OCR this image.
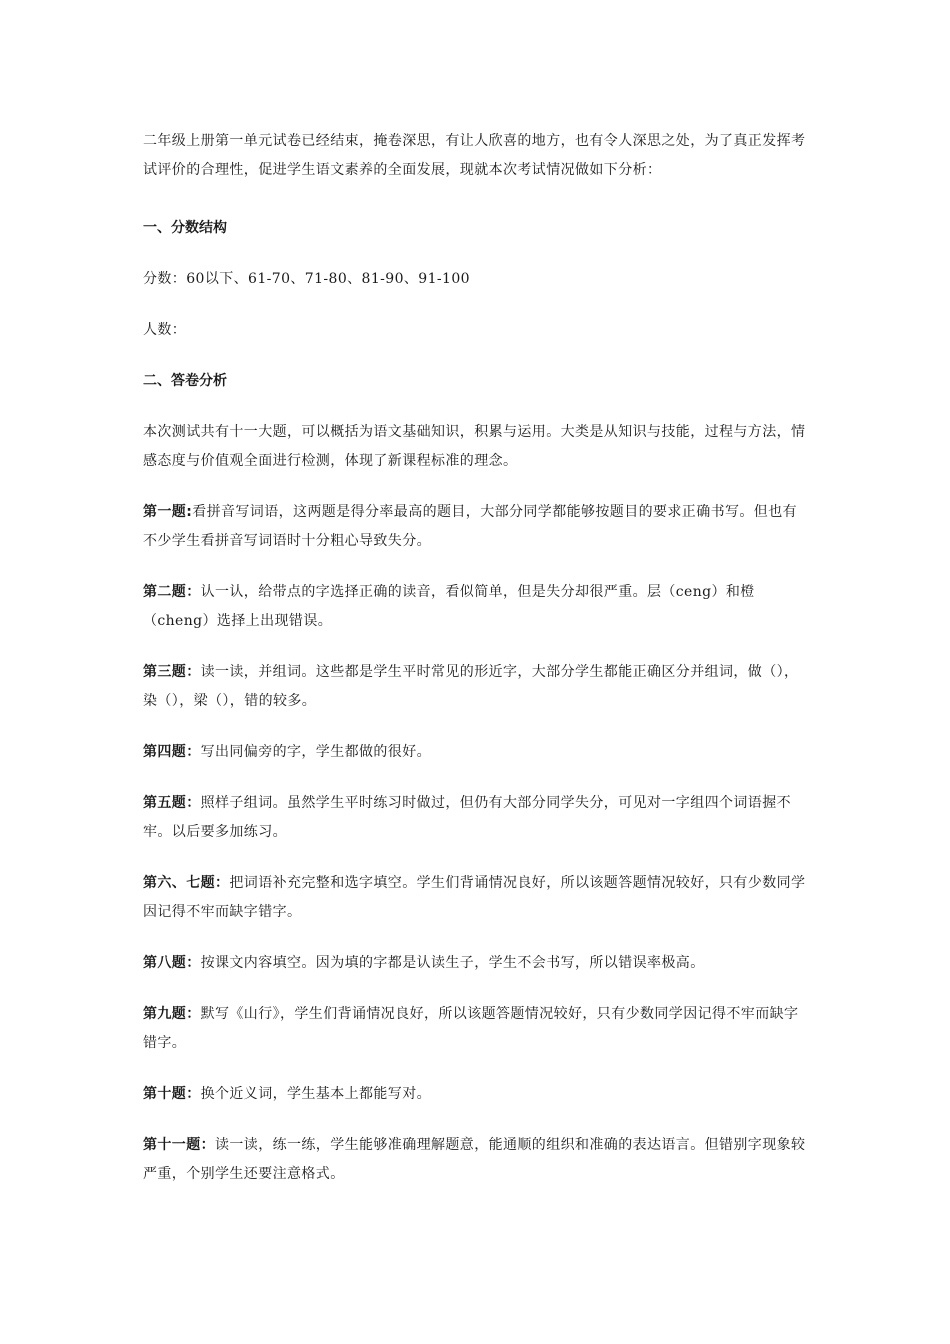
二年级上册第一单元试卷已经结束，掩卷深思，有让人欣喜的地方，也有令人深思之处，为了真正发挥考试评价的合理性，促进学生语文素养的全面发展，现就本次考试情况做如下分析：

一、分数结构

分数：60以下、61-70、71-80、81-90、91-100

人数：

二、答卷分析

本次测试共有十一大题，可以概括为语文基础知识，积累与运用。大类是从知识与技能，过程与方法，情感态度与价值观全面进行检测，体现了新课程标准的理念。

第一题:看拼音写词语，这两题是得分率最高的题目，大部分同学都能够按题目的要求正确书写。但也有不少学生看拼音写词语时十分粗心导致失分。

第二题：认一认，给带点的字选择正确的读音，看似简单，但是失分却很严重。层（ceng）和橙（cheng）选择上出现错误。

第三题：读一读，并组词。这些都是学生平时常见的形近字，大部分学生都能正确区分并组词，做（），染（），梁（），错的较多。

第四题：写出同偏旁的字，学生都做的很好。

第五题：照样子组词。虽然学生平时练习时做过，但仍有大部分同学失分，可见对一字组四个词语握不牢。以后要多加练习。

第六、七题：把词语补充完整和选字填空。学生们背诵情况良好，所以该题答题情况较好，只有少数同学因记得不牢而缺字错字。

第八题：按课文内容填空。因为填的字都是认读生子，学生不会书写，所以错误率极高。

第九题：默写《山行》，学生们背诵情况良好，所以该题答题情况较好，只有少数同学因记得不牢而缺字错字。

第十题：换个近义词，学生基本上都能写对。

第十一题：读一读，练一练，学生能够准确理解题意，能通顺的组织和准确的表达语言。但错别字现象较严重，个别学生还要注意格式。
